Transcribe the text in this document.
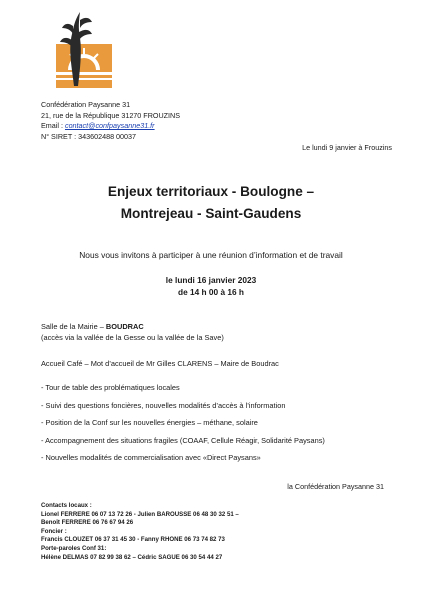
Confédération Paysanne 31
21, rue de la République 31270 FROUZINS
Email : contact@confpaysanne31.fr
N° SIRET : 343602488 00037
Le lundi 9 janvier à Frouzins
Enjeux territoriaux - Boulogne –
Montrejeau - Saint-Gaudens
Nous vous invitons à participer à une réunion d’information et de travail
le lundi 16 janvier 2023
de 14 h 00 à 16 h
Salle de la Mairie – BOUDRAC
(accès via la vallée de la Gesse ou la vallée de la Save)
Accueil Café – Mot d’accueil de Mr Gilles CLARENS – Maire de Boudrac
- Tour de table des problématiques locales
- Suivi des questions foncières, nouvelles modalités d’accès à l’information
- Position de la Conf sur les nouvelles énergies – méthane, solaire
- Accompagnement des situations fragiles (COAAF, Cellule Réagir, Solidarité Paysans)
- Nouvelles modalités de commercialisation avec «Direct Paysans»
la Confédération Paysanne 31
Contacts locaux :
Lionel FERRERE 06 07 13 72 26 - Julien BAROUSSE 06 48 30 32 51 –
Benoît FERRERE 06 76 67 94 26
Foncier :
Francis CLOUZET 06 37 31 45 30 - Fanny RHONE 06 73 74 82 73
Porte-paroles Conf 31:
Hélène DELMAS 07 82 99 38 62 – Cédric SAGUE 06 30 54 44 27
